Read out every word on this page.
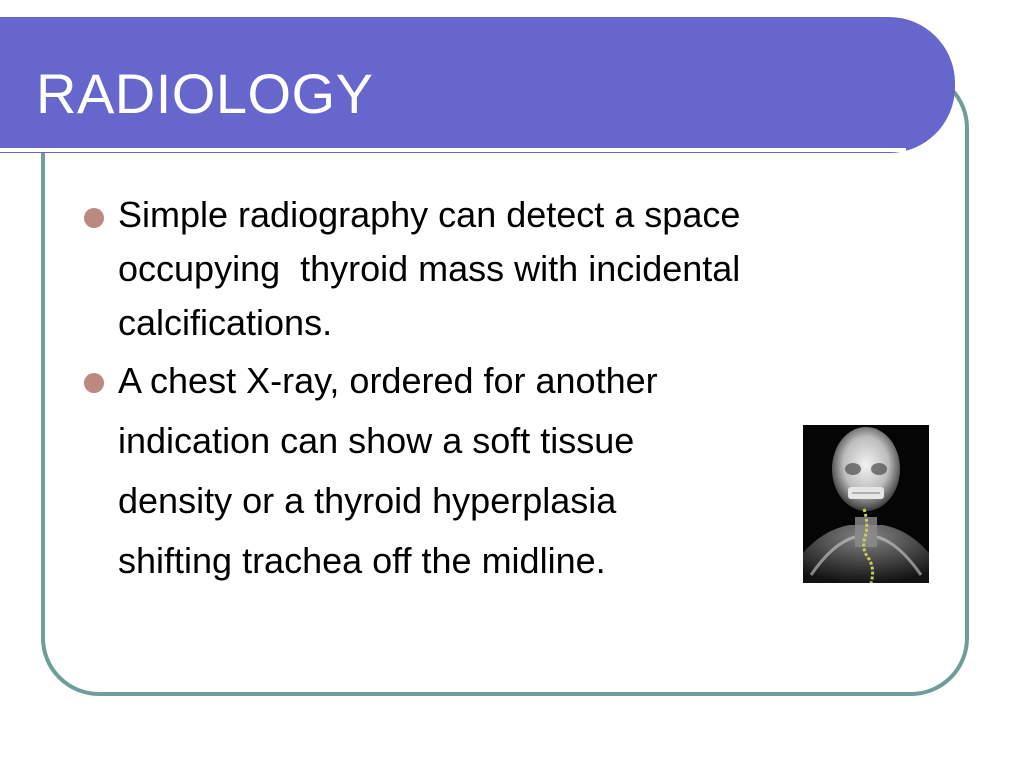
RADIOLOGY
Simple radiography can detect a space
occupying  thyroid mass with incidental
calcifications.
A chest X-ray, ordered for another
indication can show a soft tissue
density or a thyroid hyperplasia
shifting trachea off the midline.
